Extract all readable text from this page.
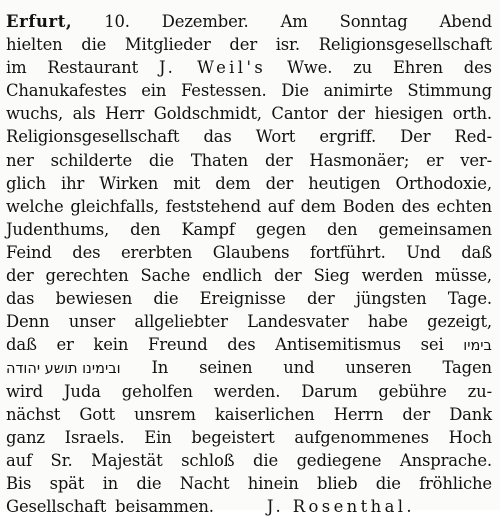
Erfurt, 10. Dezember. Am Sonntag Abend
hielten die Mitglieder der isr. Religionsgesellschaft
im Restaurant J. Weil's Wwe. zu Ehren des
Chanukafestes ein Festessen. Die animirte Stimmung
wuchs, als Herr Goldschmidt, Cantor der hiesigen orth.
Religionsgesellschaft das Wort ergriff. Der Red-
ner schilderte die Thaten der Hasmonäer; er ver-
glich ihr Wirken mit dem der heutigen Orthodoxie,
welche gleichfalls, feststehend auf dem Boden des echten
Judenthums, den Kampf gegen den gemeinsamen
Feind des ererbten Glaubens fortführt. Und daß
der gerechten Sache endlich der Sieg werden müsse,
das bewiesen die Ereignisse der jüngsten Tage.
Denn unser allgeliebter Landesvater habe gezeigt,
daß er kein Freund des Antisemitismus sei בימיו
ובימינו תושע יהודה In seinen und unseren Tagen
wird Juda geholfen werden. Darum gebühre zu-
nächst Gott unsrem kaiserlichen Herrn der Dank
ganz Israels. Ein begeistert aufgenommenes Hoch
auf Sr. Majestät schloß die gediegene Ansprache.
Bis spät in die Nacht hinein blieb die fröhliche
Gesellschaft beisammen.	J. Rosenthal.
